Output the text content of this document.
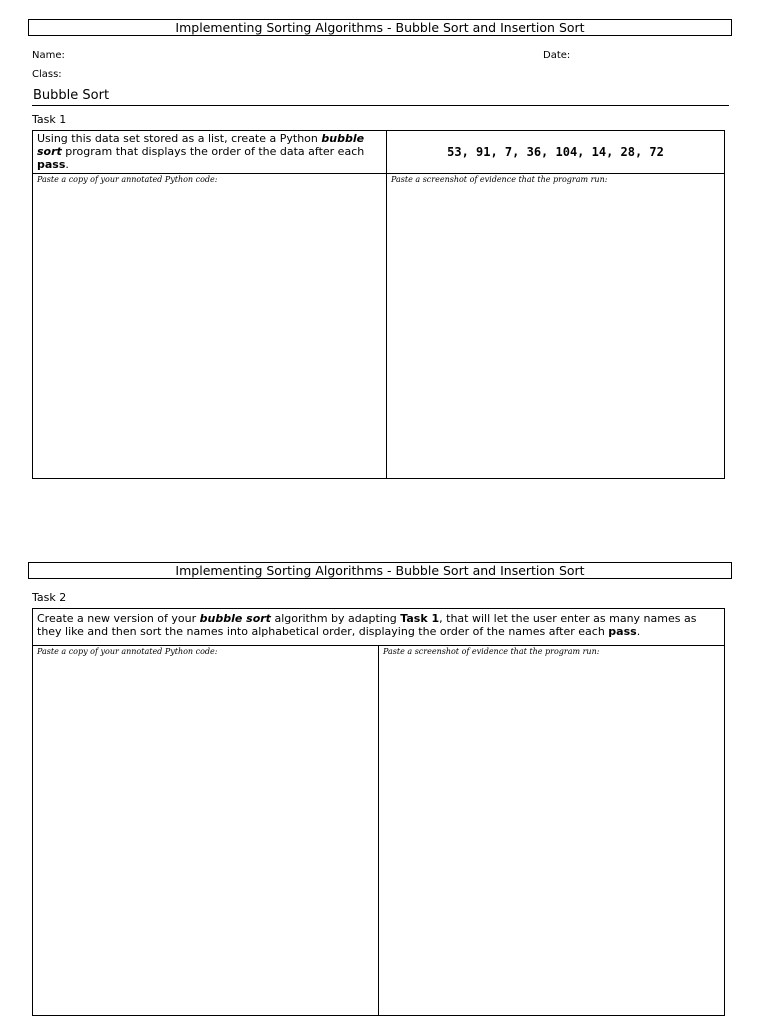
Implementing Sorting Algorithms - Bubble Sort and Insertion Sort
Name:	Date:
Class:
Bubble Sort
Task 1
Using this data set stored as a list, create a Python bubble sort program that displays the order of the data after each pass.	53, 91, 7, 36, 104, 14, 28, 72
Paste a copy of your annotated Python code:	Paste a screenshot of evidence that the program run:
Implementing Sorting Algorithms - Bubble Sort and Insertion Sort
Task 2
Create a new version of your bubble sort algorithm by adapting Task 1, that will let the user enter as many names as they like and then sort the names into alphabetical order, displaying the order of the names after each pass.
Paste a copy of your annotated Python code:	Paste a screenshot of evidence that the program run:
